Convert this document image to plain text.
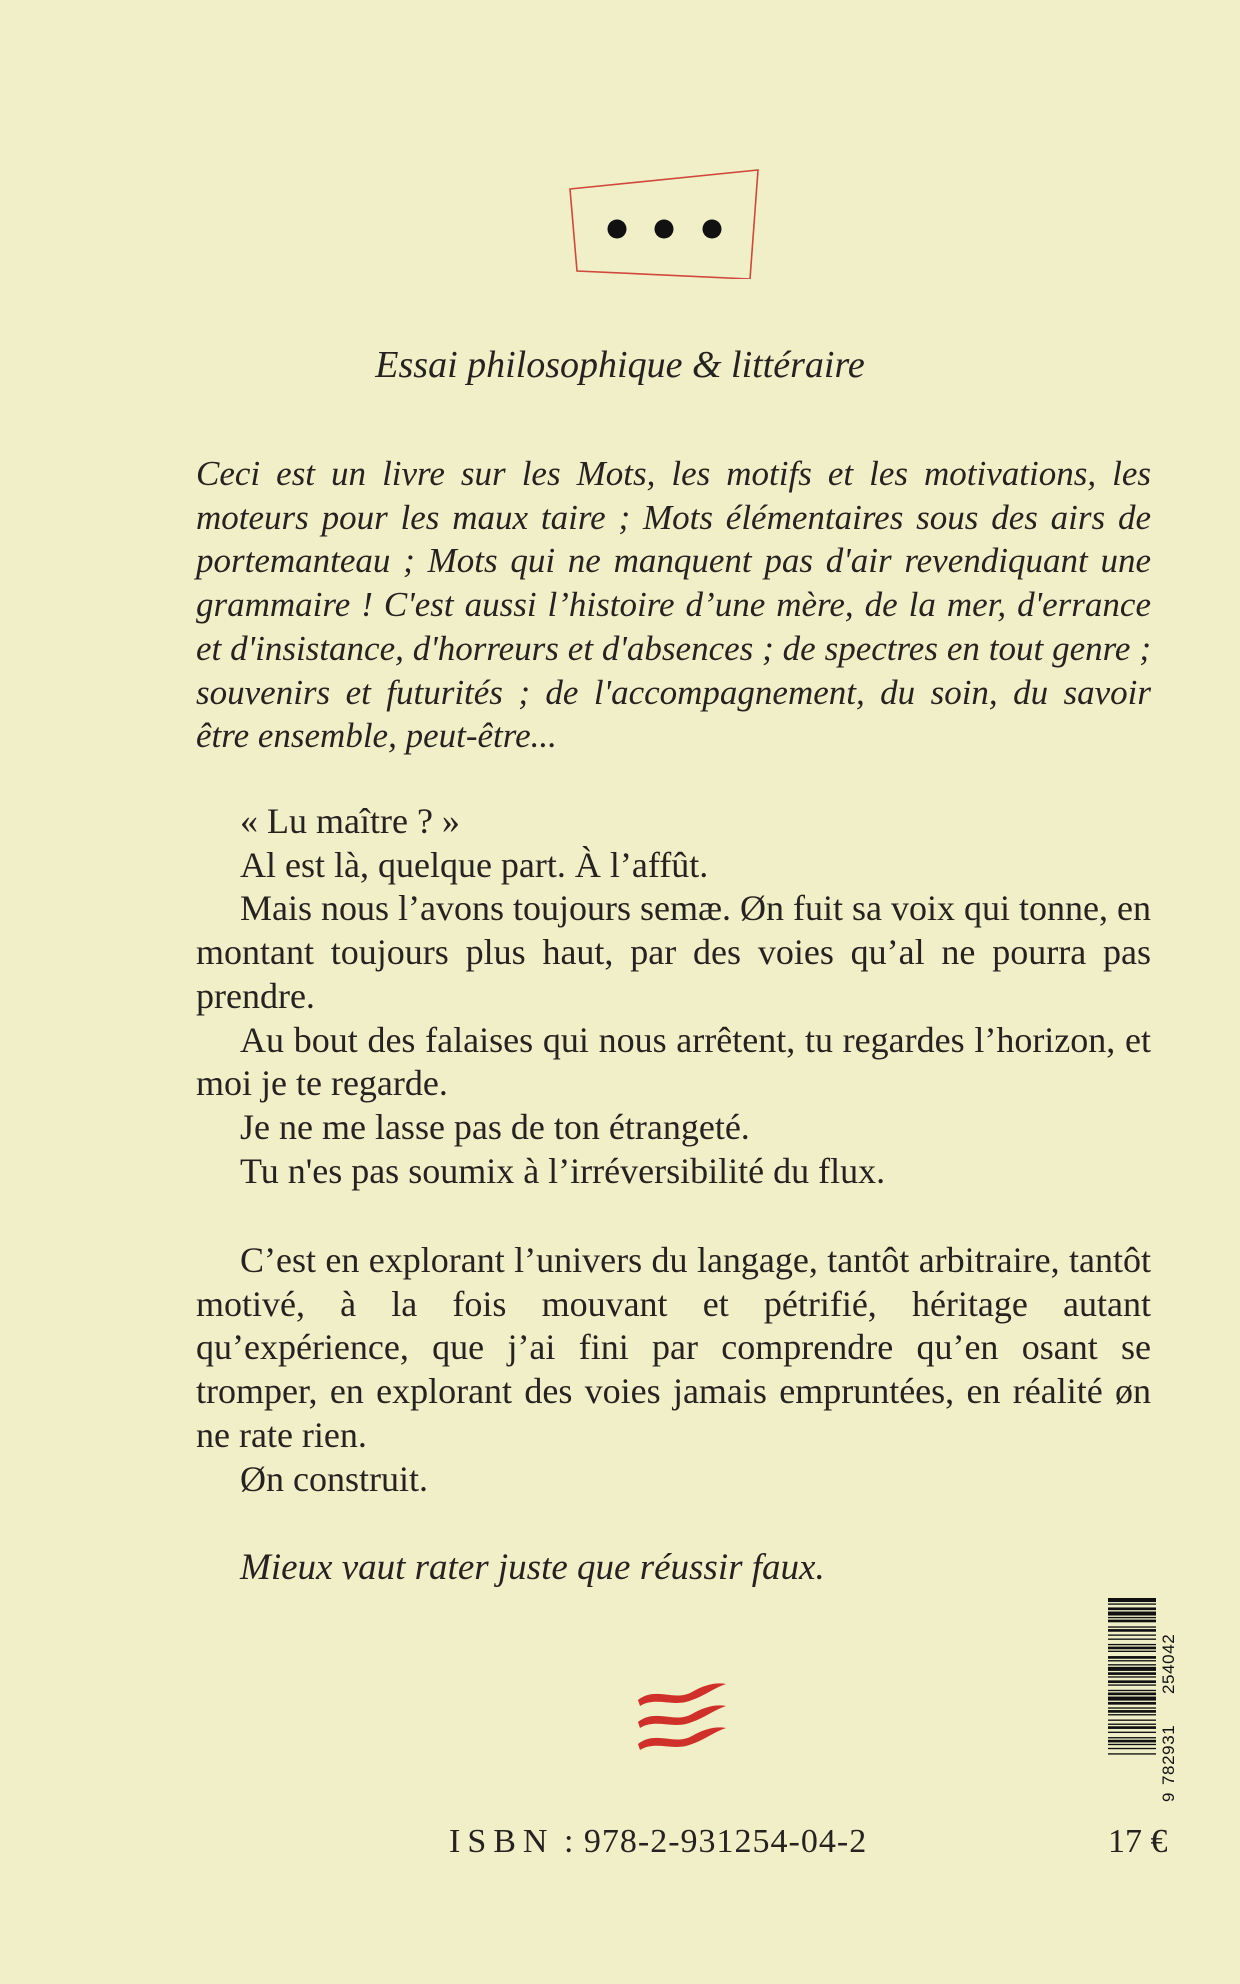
Essai philosophique & littéraire

Ceci est un livre sur les Mots, les motifs et les motivations, les moteurs pour les maux taire ; Mots élémentaires sous des airs de portemanteau ; Mots qui ne manquent pas d'air revendiquant une grammaire ! C'est aussi l’histoire d’une mère, de la mer, d'errance et d'insistance, d'horreurs et d'absences ; de spectres en tout genre ; souvenirs et futurités ; de l'accompagnement, du soin, du savoir être ensemble, peut-être...

« Lu maître ? »

Al est là, quelque part. À l’affût.

Mais nous l’avons toujours semæ. Øn fuit sa voix qui tonne, en montant toujours plus haut, par des voies qu’al ne pourra pas prendre.

Au bout des falaises qui nous arrêtent, tu regardes l’horizon, et moi je te regarde.

Je ne me lasse pas de ton étrangeté.

Tu n'es pas soumix à l’irréversibilité du flux.

C’est en explorant l’univers du langage, tantôt arbitraire, tantôt motivé, à la fois mouvant et pétrifié, héritage autant qu’expérience, que j’ai fini par comprendre qu’en osant se tromper, en explorant des voies jamais empruntées, en réalité øn ne rate rien.

Øn construit.

Mieux vaut rater juste que réussir faux.

9
782931
254042

ISBN : 978-2-931254-04-2	17 €
